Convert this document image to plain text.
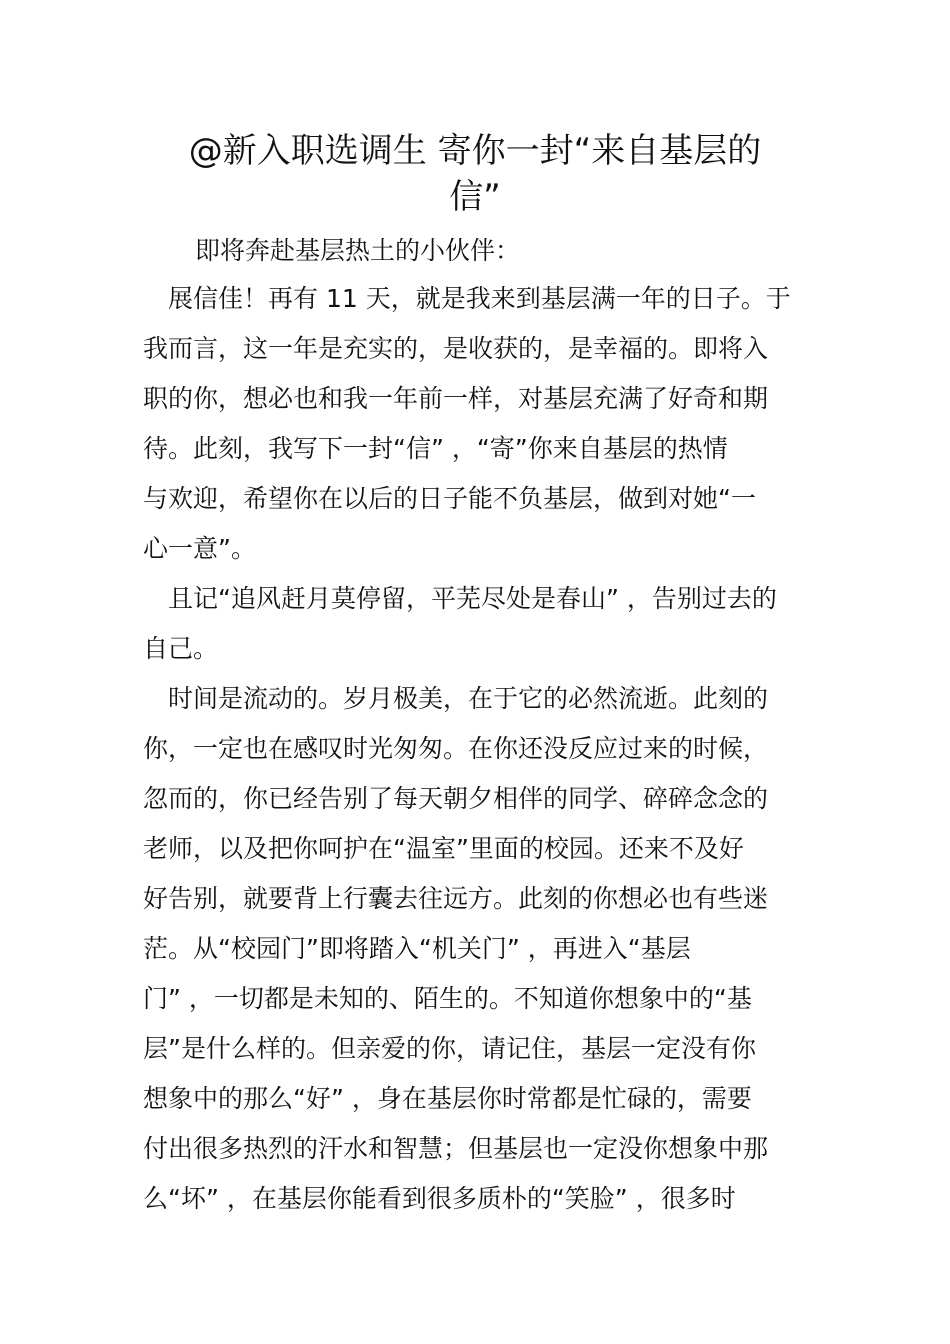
@新入职选调生 寄你一封“来自基层的
信”
即将奔赴基层热土的小伙伴：
展信佳！再有 11 天，就是我来到基层满一年的日子。于
我而言，这一年是充实的，是收获的，是幸福的。即将入
职的你，想必也和我一年前一样，对基层充满了好奇和期
待。此刻，我写下一封“信” ，“寄”你来自基层的热情
与欢迎，希望你在以后的日子能不负基层，做到对她“一
心一意”。
且记“追风赶月莫停留，平芜尽处是春山” ，告别过去的
自己。
时间是流动的。岁月极美，在于它的必然流逝。此刻的
你，一定也在感叹时光匆匆。在你还没反应过来的时候，
忽而的，你已经告别了每天朝夕相伴的同学、碎碎念念的
老师，以及把你呵护在“温室”里面的校园。还来不及好
好告别，就要背上行囊去往远方。此刻的你想必也有些迷
茫。从“校园门”即将踏入“机关门” ，再进入“基层
门” ，一切都是未知的、陌生的。不知道你想象中的“基
层”是什么样的。但亲爱的你，请记住，基层一定没有你
想象中的那么“好” ，身在基层你时常都是忙碌的，需要
付出很多热烈的汗水和智慧；但基层也一定没你想象中那
么“坏” ，在基层你能看到很多质朴的“笑脸” ，很多时
